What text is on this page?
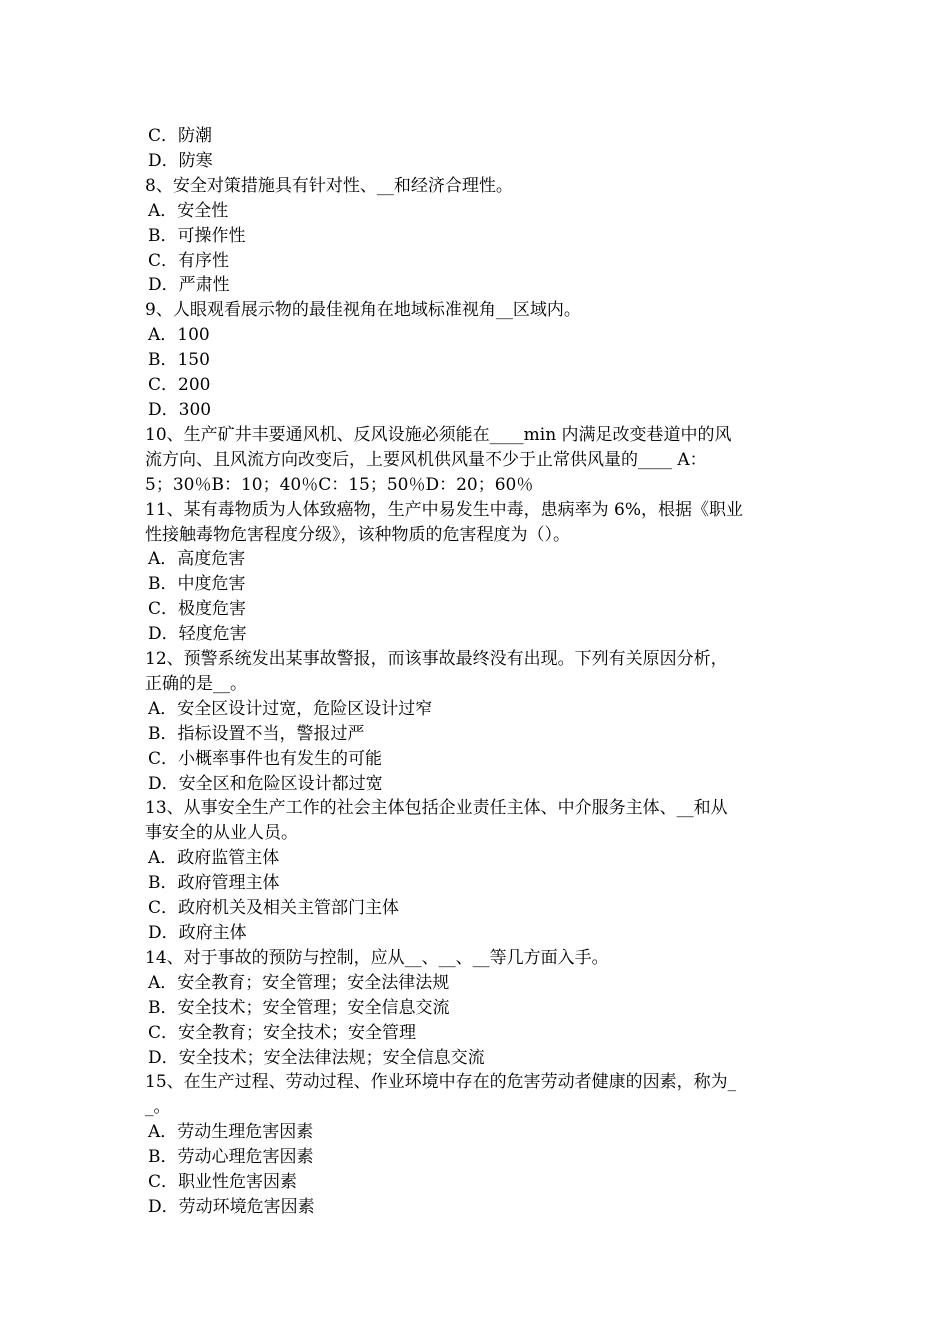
C．防潮
D．防寒
8、安全对策措施具有针对性、__和经济合理性。
A．安全性
B．可操作性
C．有序性
D．严肃性
9、人眼观看展示物的最佳视角在地域标准视角__区域内。
A．100
B．150
C．200
D．300
10、生产矿井丰要通风机、反风设施必须能在____min 内满足改变巷道中的风
流方向、且风流方向改变后，上要风机供风量不少于止常供风量的____ A：
5；30％B：10；40％C：15；50％D：20；60％
11、某有毒物质为人体致癌物，生产中易发生中毒，患病率为 6%，根据《职业
性接触毒物危害程度分级》，该种物质的危害程度为（）。
A．高度危害
B．中度危害
C．极度危害
D．轻度危害
12、预警系统发出某事故警报，而该事故最终没有出现。下列有关原因分析，
正确的是__。
A．安全区设计过宽，危险区设计过窄
B．指标设置不当，警报过严
C．小概率事件也有发生的可能
D．安全区和危险区设计都过宽
13、从事安全生产工作的社会主体包括企业责任主体、中介服务主体、__和从
事安全的从业人员。
A．政府监管主体
B．政府管理主体
C．政府机关及相关主管部门主体
D．政府主体
14、对于事故的预防与控制，应从__、__、__等几方面入手。
A．安全教育；安全管理；安全法律法规
B．安全技术；安全管理；安全信息交流
C．安全教育；安全技术；安全管理
D．安全技术；安全法律法规；安全信息交流
15、在生产过程、劳动过程、作业环境中存在的危害劳动者健康的因素，称为_
_。
A．劳动生理危害因素
B．劳动心理危害因素
C．职业性危害因素
D．劳动环境危害因素
